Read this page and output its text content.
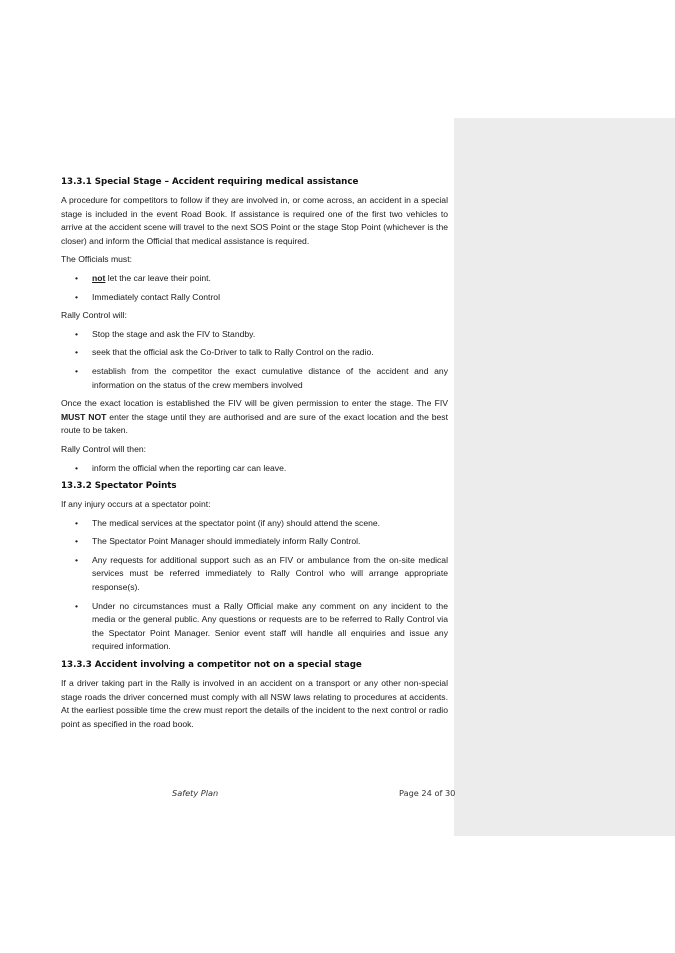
13.3.1 Special Stage – Accident requiring medical assistance

A procedure for competitors to follow if they are involved in, or come across, an accident in a special stage is included in the event Road Book. If assistance is required one of the first two vehicles to arrive at the accident scene will travel to the next SOS Point or the stage Stop Point (whichever is the closer) and inform the Official that medical assistance is required.

The Officials must:

• not let the car leave their point.
• Immediately contact Rally Control

Rally Control will:

• Stop the stage and ask the FIV to Standby.
• seek that the official ask the Co-Driver to talk to Rally Control on the radio.
• establish from the competitor the exact cumulative distance of the accident and any information on the status of the crew members involved

Once the exact location is established the FIV will be given permission to enter the stage. The FIV MUST NOT enter the stage until they are authorised and are sure of the exact location and the best route to be taken.

Rally Control will then:

• inform the official when the reporting car can leave.
13.3.2 Spectator Points

If any injury occurs at a spectator point:

• The medical services at the spectator point (if any) should attend the scene.
• The Spectator Point Manager should immediately inform Rally Control.
• Any requests for additional support such as an FIV or ambulance from the on-site medical services must be referred immediately to Rally Control who will arrange appropriate response(s).
• Under no circumstances must a Rally Official make any comment on any incident to the media or the general public. Any questions or requests are to be referred to Rally Control via the Spectator Point Manager. Senior event staff will handle all enquiries and issue any required information.
13.3.3 Accident involving a competitor not on a special stage

If a driver taking part in the Rally is involved in an accident on a transport or any other non-special stage roads the driver concerned must comply with all NSW laws relating to procedures at accidents. At the earliest possible time the crew must report the details of the incident to the next control or radio point as specified in the road book.

Safety Plan	Page 24 of 30
